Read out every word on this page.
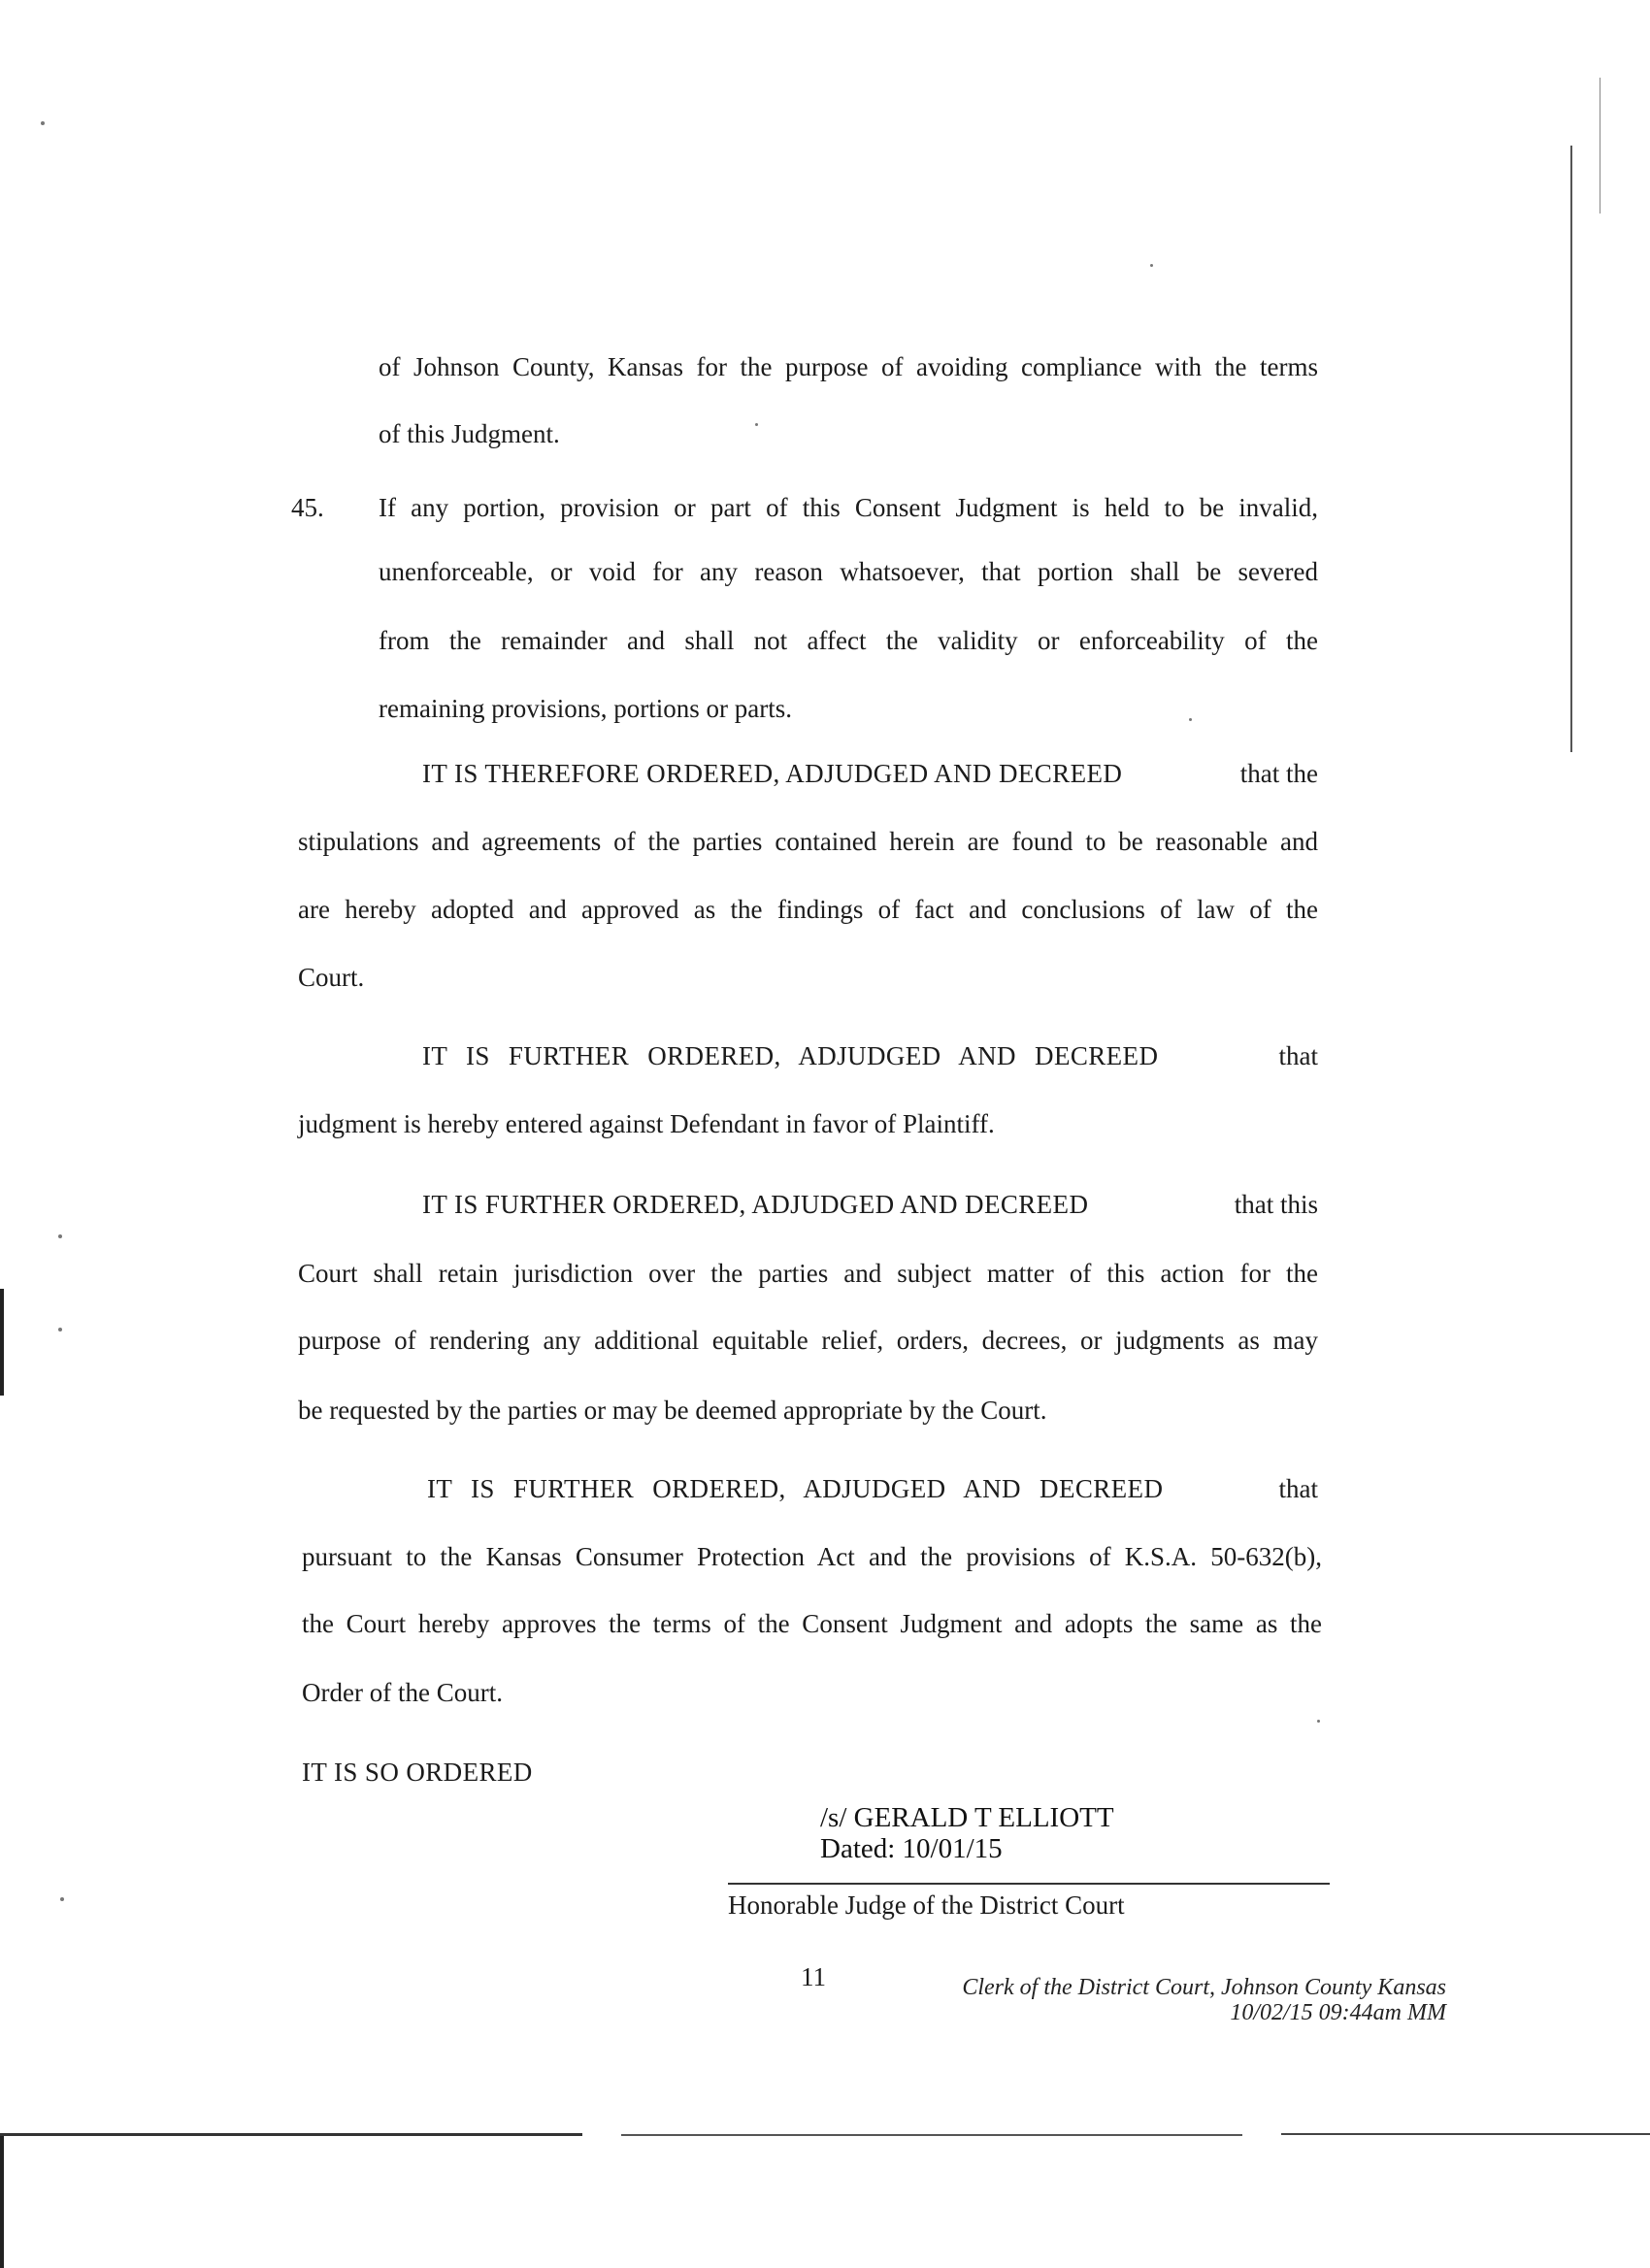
of Johnson County, Kansas for the purpose of avoiding compliance with the terms
of this Judgment.
45. If any portion, provision or part of this Consent Judgment is held to be invalid,
unenforceable, or void for any reason whatsoever, that portion shall be severed
from the remainder and shall not affect the validity or enforceability of the
remaining provisions, portions or parts.
IT IS THEREFORE ORDERED, ADJUDGED AND DECREED	that the
stipulations and agreements of the parties contained herein are found to be reasonable and
are hereby adopted and approved as the findings of fact and conclusions of law of the
Court.
IT IS FURTHER ORDERED, ADJUDGED AND DECREED	that
judgment is hereby entered against Defendant in favor of Plaintiff.
IT IS FURTHER ORDERED, ADJUDGED AND DECREED	that this
Court shall retain jurisdiction over the parties and subject matter of this action for the
purpose of rendering any additional equitable relief, orders, decrees, or judgments as may
be requested by the parties or may be deemed appropriate by the Court.
IT IS FURTHER ORDERED, ADJUDGED AND DECREED	that
pursuant to the Kansas Consumer Protection Act and the provisions of K.S.A. 50-632(b),
the Court hereby approves the terms of the Consent Judgment and adopts the same as the
Order of the Court.
IT IS SO ORDERED
/s/ GERALD T ELLIOTT
Dated: 10/01/15
Honorable Judge of the District Court
11	Clerk of the District Court, Johnson County Kansas
10/02/15 09:44am MM
